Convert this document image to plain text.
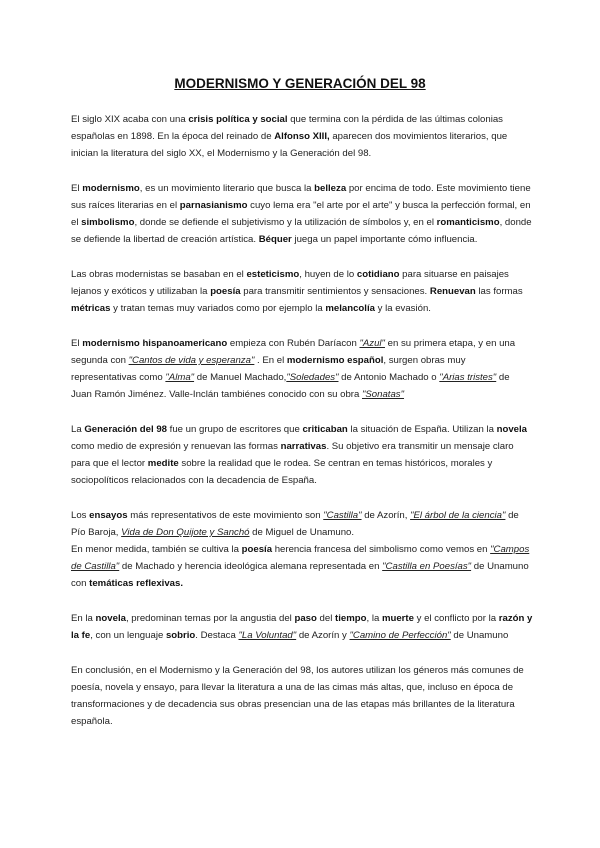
MODERNISMO Y GENERACIÓN DEL 98

El siglo XIX acaba con una crisis política y social que termina con la pérdida de las últimas colonias españolas en 1898. En la época del reinado de Alfonso XIII, aparecen dos movimientos literarios, que inician la literatura del siglo XX, el Modernismo y la Generación del 98.

El modernismo, es un movimiento literario que busca la belleza por encima de todo. Este movimiento tiene sus raíces literarias en el parnasianismo cuyo lema era "el arte por el arte" y busca la perfección formal, en el simbolismo, donde se defiende el subjetivismo y la utilización de símbolos y, en el romanticismo, donde se defiende la libertad de creación artística. Béquer juega un papel importante cómo influencia.

Las obras modernistas se basaban en el esteticismo, huyen de lo cotidiano para situarse en paisajes lejanos y exóticos y utilizaban la poesía para transmitir sentimientos y sensaciones. Renuevan las formas métricas y tratan temas muy variados como por ejemplo la melancolía y la evasión.

El modernismo hispanoamericano empieza con Rubén Daríacon "Azul" en su primera etapa, y en una segunda con "Cantos de vida y esperanza" . En el modernismo español, surgen obras muy representativas como "Alma" de Manuel Machado,"Soledades" de Antonio Machado o "Arias tristes" de Juan Ramón Jiménez. Valle-Inclán tambiénes conocido con su obra "Sonatas"

La Generación del 98 fue un grupo de escritores que criticaban la situación de España. Utilizan la novela como medio de expresión y renuevan las formas narrativas. Su objetivo era transmitir un mensaje claro para que el lector medite sobre la realidad que le rodea. Se centran en temas históricos, morales y sociopolíticos relacionados con la decadencia de España.

Los ensayos más representativos de este movimiento son "Castilla" de Azorín, "El árbol de la ciencia" de Pío Baroja, Vida de Don Quijote y Sanchó de Miguel de Unamuno.

En menor medida, también se cultiva la poesía herencia francesa del simbolismo como vemos en "Campos de Castilla" de Machado y herencia ideológica alemana representada en "Castilla en Poesías" de Unamuno con temáticas reflexivas.

En la novela, predominan temas por la angustia del paso del tiempo, la muerte y el conflicto por la razón y la fe, con un lenguaje sobrio. Destaca "La Voluntad" de Azorín y "Camino de Perfección" de Unamuno

En conclusión, en el Modernismo y la Generación del 98, los autores utilizan los géneros más comunes de poesía, novela y ensayo, para llevar la literatura a una de las cimas más altas, que, incluso en época de transformaciones y de decadencia sus obras presencian una de las etapas más brillantes de la literatura española.
